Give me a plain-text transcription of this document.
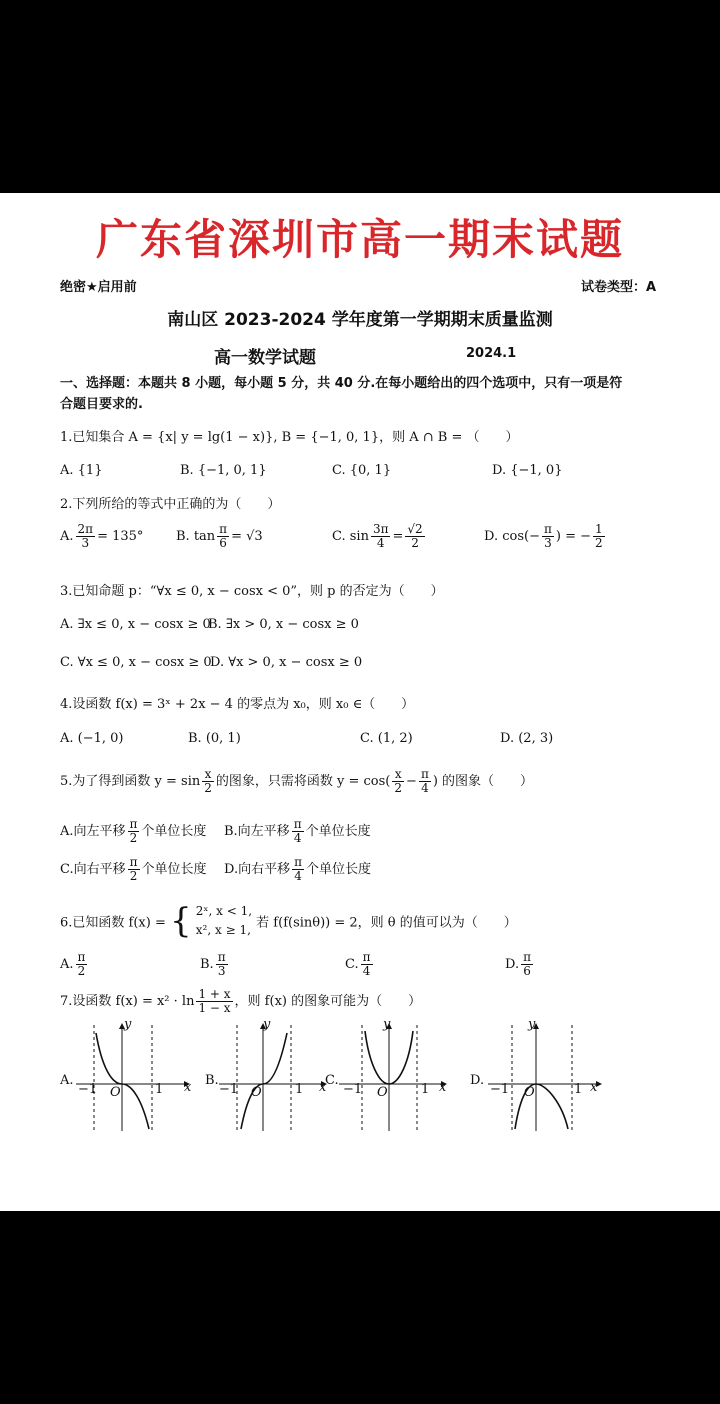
广东省深圳市高一期末试题
绝密★启用前	试卷类型：A
南山区 2023-2024 学年度第一学期期末质量监测
高一数学试题	2024.1
一、选择题：本题共 8 小题，每小题 5 分，共 40 分.在每小题给出的四个选项中，只有一项是符
合题目要求的.
1.已知集合 A = {x| y = lg(1 − x)}, B = {−1, 0, 1}，则 A ∩ B = （　　）
A. {1}	B. {−1, 0, 1}	C. {0, 1}	D. {−1, 0}
2.下列所给的等式中正确的为（　　）
A. $\frac{2\pi}{3} = 135^\circ$	B. $\tan \frac{\pi}{6} = √3$	C. $\sin \frac{3\pi}{4} = \frac{√2}{2}$	D. $\cos(- \frac{\pi}{3}$ ) = − $\frac{1}{2}$
3.已知命题 p：“∀x ≤ 0, x − cosx < 0”，则 p 的否定为（　　）
A. ∃x ≤ 0, x − cosx ≥ 0
B. ∃x > 0, x − cosx ≥ 0
C. ∀x ≤ 0, x − cosx ≥ 0
D. ∀x > 0, x − cosx ≥ 0
4.设函数 f(x) = 3ˣ + 2x − 4 的零点为 x₀，则 x₀ ∈（　　）
A. (−1, 0)	B. (0, 1)	C. (1, 2)	D. (2, 3)
5.为了得到函数 $y = \sin \frac{x}{2}$ 的图象，只需将函数 $y = \cos( \frac{x}{2} - \frac{\pi}{4}$ ) 的图象（　　）
A.向左平移 $\frac{\pi}{2}$ 个单位长度 B.向左平移 $\frac{\pi}{4}$ 个单位长度
C.向右平移 $\frac{\pi}{2}$ 个单位长度 D.向右平移 $\frac{\pi}{4}$ 个单位长度
6.已知函数 f(x) = { 2ˣ, x < 1,
x², x ≥ 1, 若 f(f(sinθ)) = 2，则 θ 的值可以为（　　）
A. $\frac{\pi}{2}$	B. $\frac{\pi}{3}$	C. $\frac{\pi}{4}$	D. $\frac{\pi}{6}$
7.设函数 $f(x) = x^2 \cdot \ln \frac{1 + x}{1 - x}$ ，则 f(x) 的图象可能为（　　）
A.
y
x
O
−1	1
B.
y
x
O
−1	1
C.
y
x
O
−1	1
D.
y
x
O
−1	1
